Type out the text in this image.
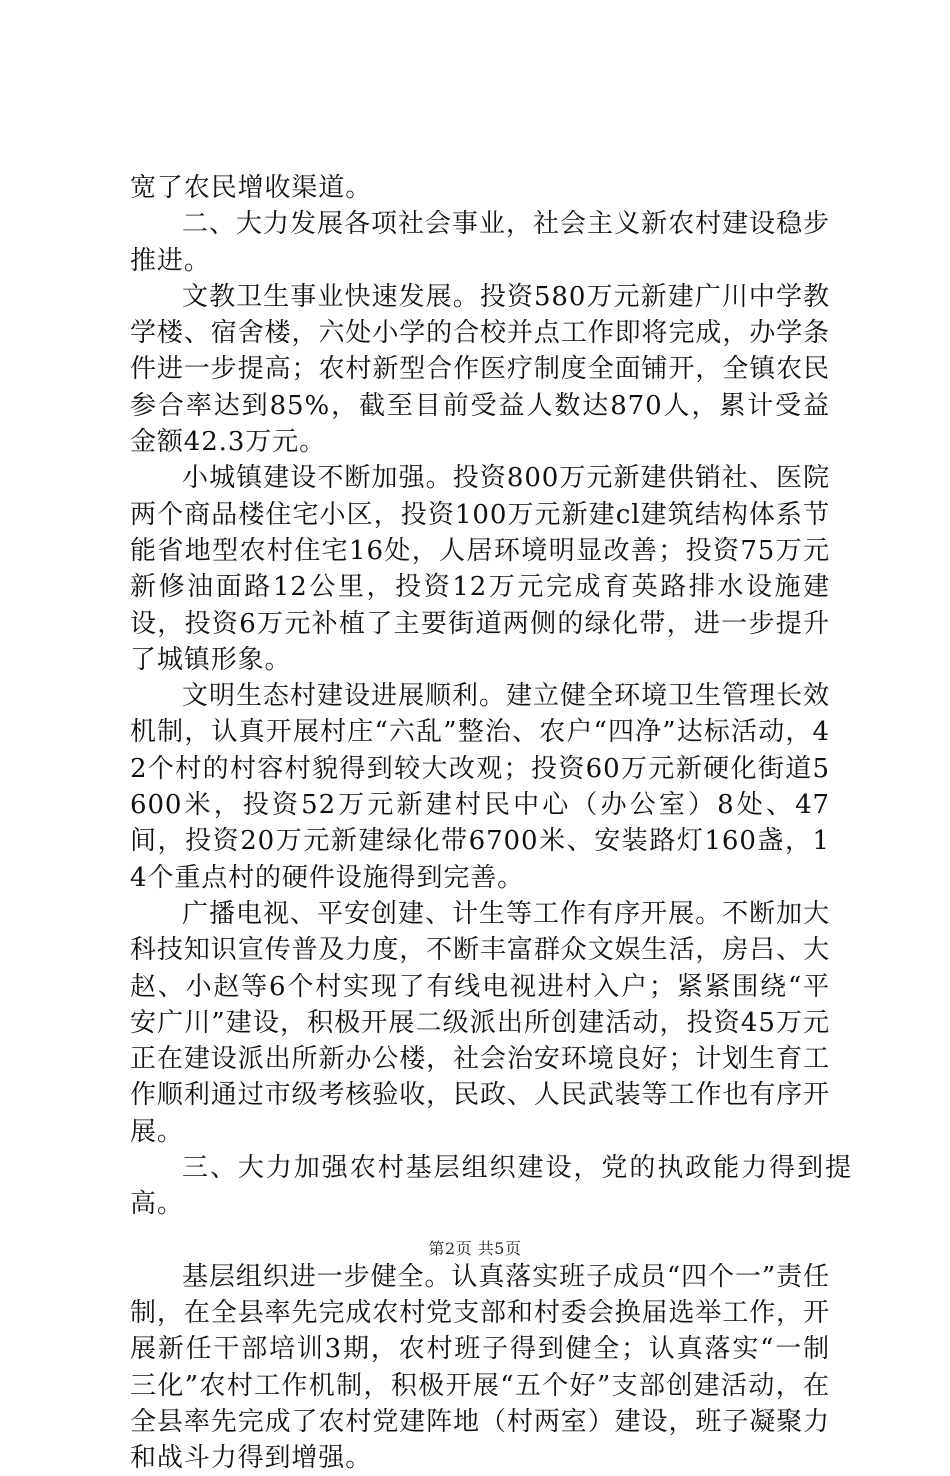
宽了农民增收渠道。

二、大力发展各项社会事业，社会主义新农村建设稳步推进。

文教卫生事业快速发展。投资580万元新建广川中学教学楼、宿舍楼，六处小学的合校并点工作即将完成，办学条件进一步提高；农村新型合作医疗制度全面铺开，全镇农民参合率达到85%，截至目前受益人数达870人，累计受益金额42.3万元。

小城镇建设不断加强。投资800万元新建供销社、医院两个商品楼住宅小区，投资100万元新建cl建筑结构体系节能省地型农村住宅16处，人居环境明显改善；投资75万元新修油面路12公里，投资12万元完成育英路排水设施建设，投资6万元补植了主要街道两侧的绿化带，进一步提升了城镇形象。

文明生态村建设进展顺利。建立健全环境卫生管理长效机制，认真开展村庄“六乱”整治、农户“四净”达标活动，42个村的村容村貌得到较大改观；投资60万元新硬化街道5600米，投资52万元新建村民中心（办公室）8处、47间，投资20万元新建绿化带6700米、安装路灯160盏，14个重点村的硬件设施得到完善。

广播电视、平安创建、计生等工作有序开展。不断加大科技知识宣传普及力度，不断丰富群众文娱生活，房吕、大赵、小赵等6个村实现了有线电视进村入户；紧紧围绕“平安广川”建设，积极开展二级派出所创建活动，投资45万元正在建设派出所新办公楼，社会治安环境良好；计划生育工作顺利通过市级考核验收，民政、人民武装等工作也有序开展。

三、大力加强农村基层组织建设，党的执政能力得到提高。

基层组织进一步健全。认真落实班子成员“四个一”责任制，在全县率先完成农村党支部和村委会换届选举工作，开展新任干部培训3期，农村班子得到健全；认真落实“一制三化”农村工作机制，积极开展“五个好”支部创建活动，在全县率先完成了农村党建阵地（村两室）建设，班子凝聚力和战斗力得到增强。

第2页 共5页
